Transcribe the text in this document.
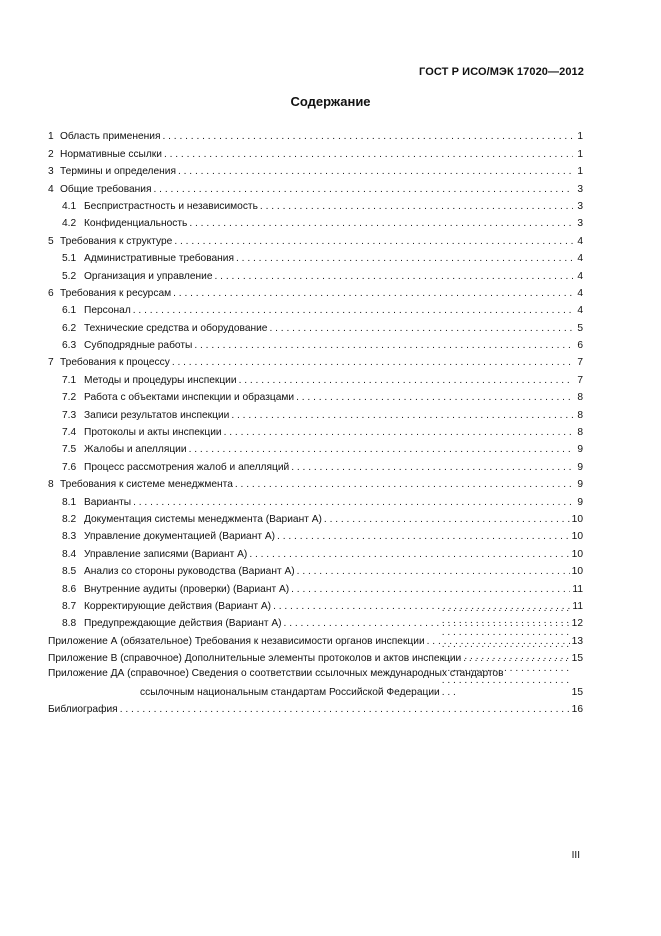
ГОСТ Р ИСО/МЭК 17020—2012
Содержание
1 Область применения . . .	1
2 Нормативные ссылки . . .	1
3 Термины и определения . . .	1
4 Общие требования . . .	3
4.1 Беспристрастность и независимость . . .	3
4.2 Конфиденциальность . . .	3
5 Требования к структуре . . .	4
5.1 Административные требования . . .	4
5.2 Организация и управление . . .	4
6 Требования к ресурсам . . .	4
6.1 Персонал . . .	4
6.2 Технические средства и оборудование . . .	5
6.3 Субподрядные работы . . .	6
7 Требования к процессу . . .	7
7.1 Методы и процедуры инспекции . . .	7
7.2 Работа с объектами инспекции и образцами . . .	8
7.3 Записи результатов инспекции . . .	8
7.4 Протоколы и акты инспекции . . .	8
7.5 Жалобы и апелляции . . .	9
7.6 Процесс рассмотрения жалоб и апелляций . . .	9
8 Требования к системе менеджмента . . .	9
8.1 Варианты . . .	9
8.2 Документация системы менеджмента (Вариант А) . . .	10
8.3 Управление документацией (Вариант А) . . .	10
8.4 Управление записями (Вариант А) . . .	10
8.5 Анализ со стороны руководства (Вариант А) . . .	10
8.6 Внутренние аудиты (проверки) (Вариант А) . . .	11
8.7 Корректирующие действия (Вариант А) . . .	11
8.8 Предупреждающие действия (Вариант А) . . .	12
Приложение А (обязательное) Требования к независимости органов инспекции . . .	13
Приложение В (справочное) Дополнительные элементы протоколов и актов инспекции . . .	15
Приложение ДА (справочное) Сведения о соответствии ссылочных международных стандартов
ссылочным национальным стандартам Российской Федерации . . .	15
Библиография . . .	16
III
